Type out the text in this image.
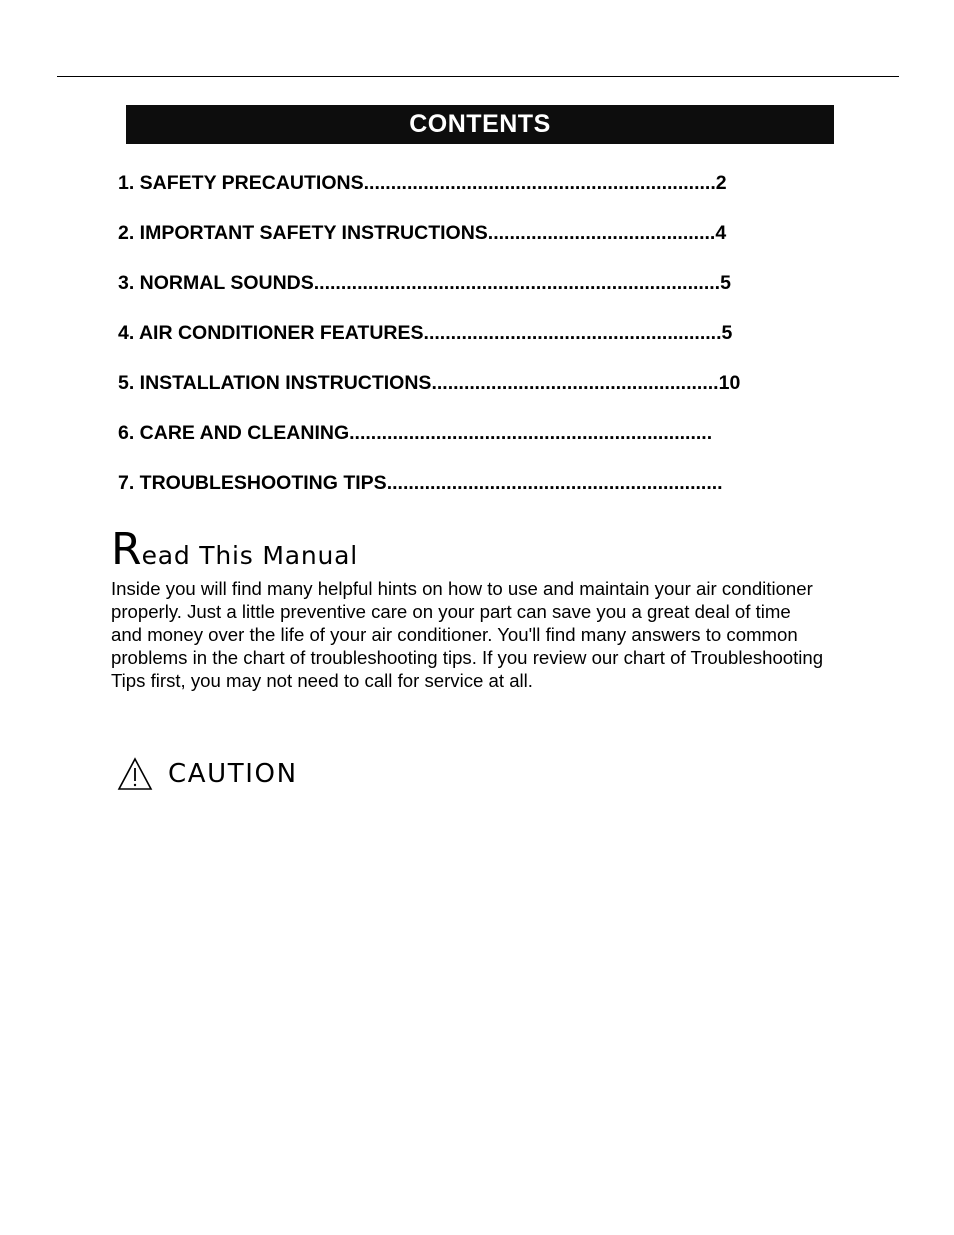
CONTENTS
1. SAFETY PRECAUTIONS ................................................................. 2
2. IMPORTANT SAFETY INSTRUCTIONS .......................................... 4
3. NORMAL SOUNDS ........................................................................... 5
4. AIR CONDITIONER FEATURES ....................................................... 5
5. INSTALLATION INSTRUCTIONS ..................................................... 10
6. CARE AND CLEANING ...................................................................
7. TROUBLESHOOTING TIPS ..............................................................
Read This Manual

Inside you will find many helpful hints on how to use and maintain your air conditioner
properly. Just a little preventive care on your part can save you a great deal of time
and money over the life of your air conditioner. You'll find many answers to common
problems in the chart of troubleshooting tips. If you review our chart of Troubleshooting
Tips first, you may not need to call for service at all.

CAUTION
